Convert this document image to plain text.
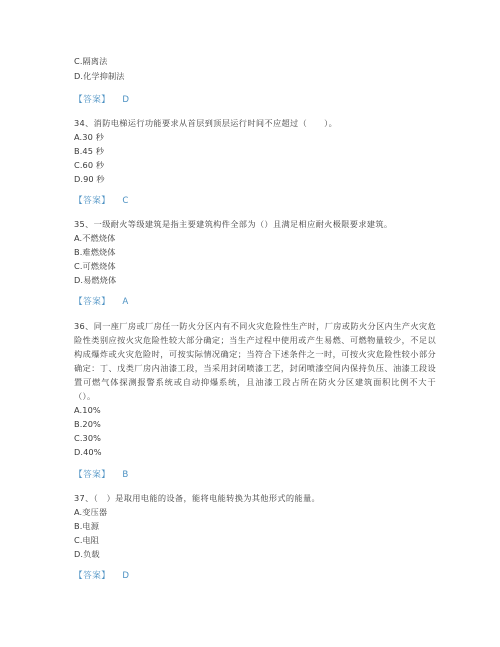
C.隔离法
D.化学抑制法
【答案】 D
34、消防电梯运行功能要求从首层到顶层运行时间不应超过（　　）。
A.30 秒
B.45 秒
C.60 秒
D.90 秒
【答案】 C
35、一级耐火等级建筑是指主要建筑构件全部为（）且满足相应耐火极限要求建筑。
A.不燃烧体
B.难燃烧体
C.可燃烧体
D.易燃烧体
【答案】 A
36、同一座厂房或厂房任一防火分区内有不同火灾危险性生产时，厂房或防火分区内生产火灾危险性类别应按火灾危险性较大部分确定；当生产过程中使用或产生易燃、可燃物量较少，不足以构成爆炸或火灾危险时，可按实际情况确定；当符合下述条件之一时，可按火灾危险性较小部分确定：丁、戊类厂房内油漆工段，当采用封闭喷漆工艺，封闭喷漆空间内保持负压、油漆工段设置可燃气体探测报警系统或自动抑爆系统，且油漆工段占所在防火分区建筑面积比例不大于（）。
A.10%
B.20%
C.30%
D.40%
【答案】 B
37、（　）是取用电能的设备，能将电能转换为其他形式的能量。
A.变压器
B.电源
C.电阻
D.负载
【答案】 D
